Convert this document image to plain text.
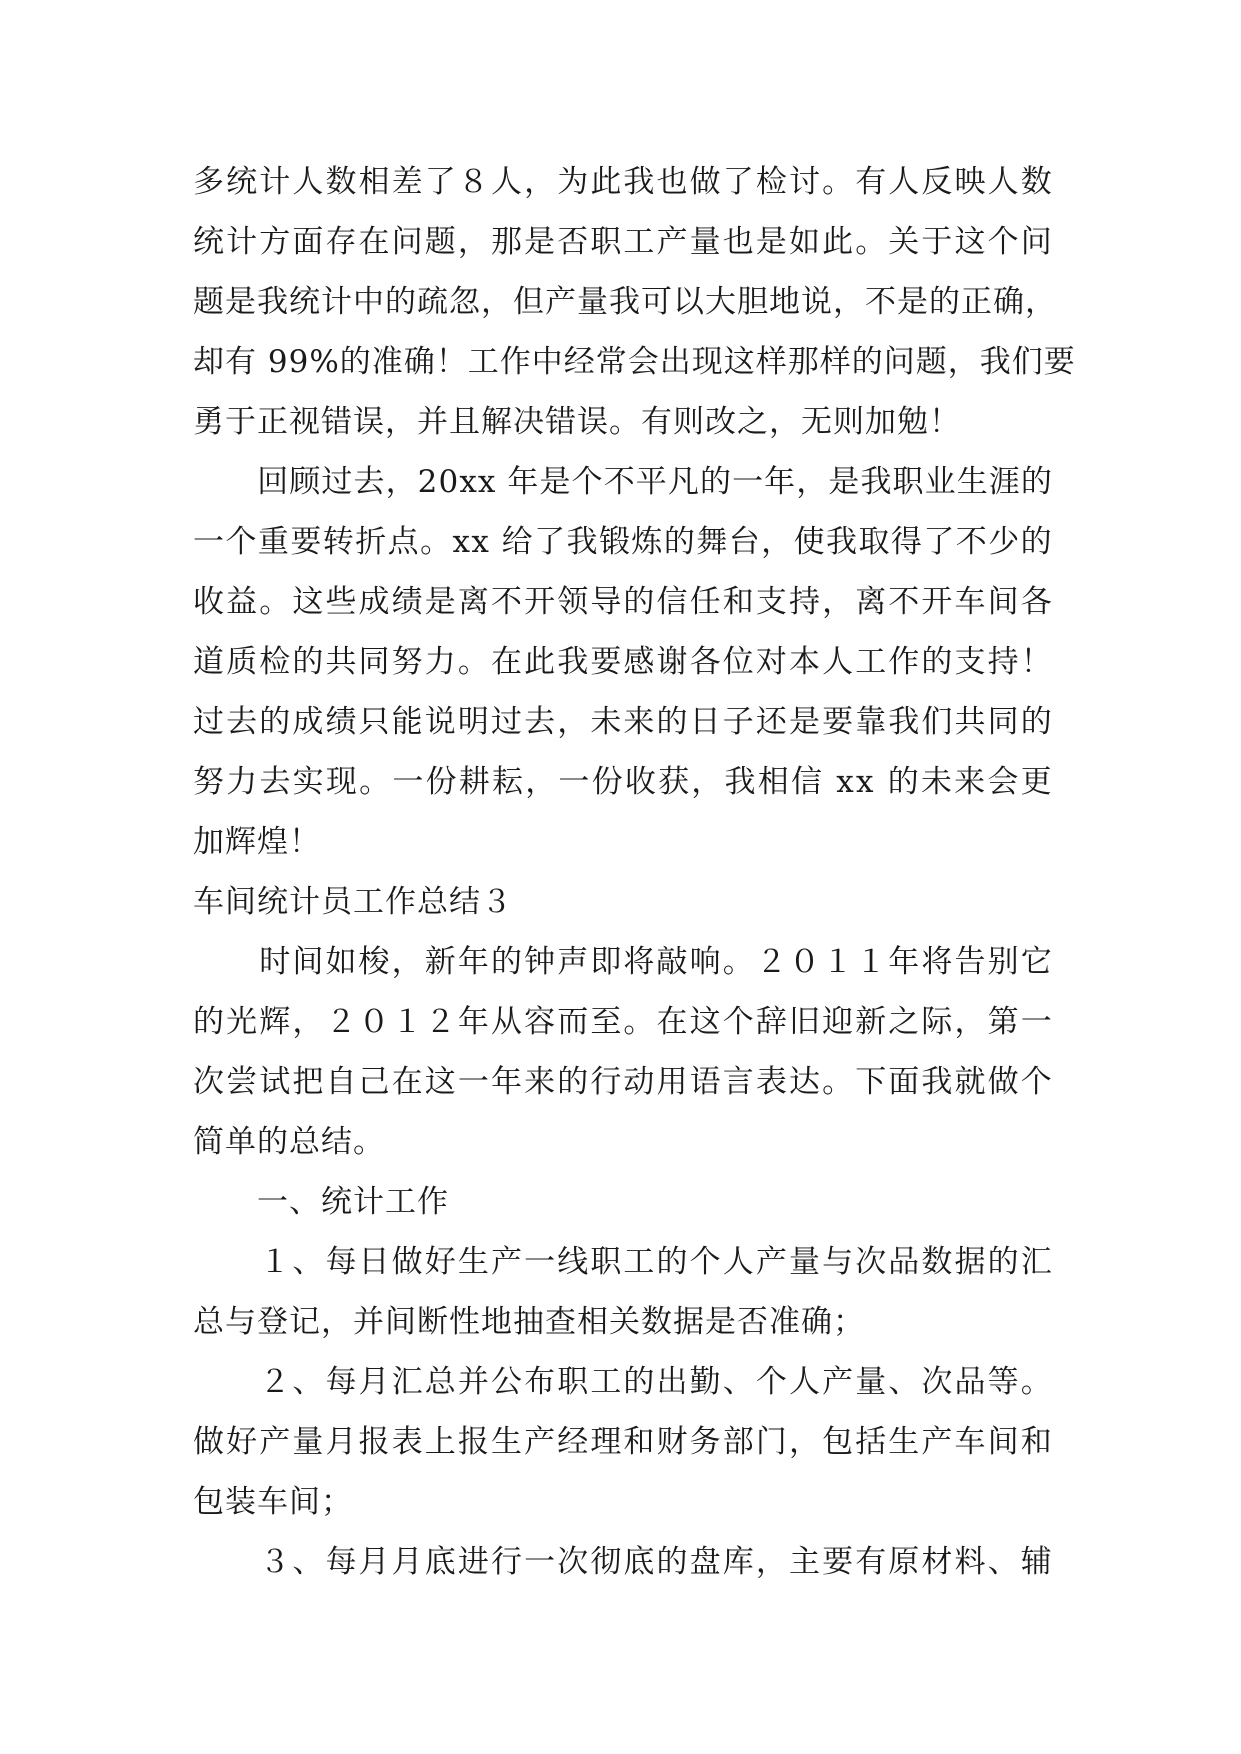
多 统 计 人 数 相 差 了 ８ 人 ， 为 此 我 也 做 了 检 讨 。 有 人 反 映 人 数
统 计 方 面 存 在 问 题 ， 那 是 否 职 工 产 量 也 是 如 此 。 关 于 这 个 问
题 是 我 统 计 中 的 疏 忽 ， 但 产 量 我 可 以 大 胆 地 说 ， 不 是 的 正 确 ，
却 有
9 9 % 的 准 确 ！ 工 作 中 经 常 会 出 现 这 样 那 样 的 问 题 ， 我 们 要
勇于正视错误，并且解决错误。有则改之，无则加勉！

回 顾 过 去 ， 2 0 x x
年 是 个 不 平 凡 的 一 年 ， 是 我 职 业 生 涯 的
一 个 重 要 转 折 点 。 x x
给 了 我 锻 炼 的 舞 台 ， 使 我 取 得 了 不 少 的
收 益 。 这 些 成 绩 是 离 不 开 领 导 的 信 任 和 支 持 ， 离 不 开 车 间 各
道 质 检 的 共 同 努 力 。 在 此 我 要 感 谢 各 位 对 本 人 工 作 的 支 持 ！
过 去 的 成 绩 只 能 说 明 过 去 ， 未 来 的 日 子 还 是 要 靠 我 们 共 同 的
努 力 去 实 现 。 一 份 耕 耘 ， 一 份 收 获 ， 我 相 信
x x
的 未 来 会 更
加辉煌！
车间统计员工作总结３

时 间 如 梭 ， 新 年 的 钟 声 即 将 敲 响 。 ２ ０ １ １ 年 将 告 别 它
的 光 辉 ， ２ ０ １ ２ 年 从 容 而 至 。 在 这 个 辞 旧 迎 新 之 际 ， 第 一
次 尝 试 把 自 己 在 这 一 年 来 的 行 动 用 语 言 表 达 。 下 面 我 就 做 个
简单的总结。
　　一、统计工作

１ 、 每 日 做 好 生 产 一 线 职 工 的 个 人 产 量 与 次 品 数 据 的 汇
总与登记，并间断性地抽查相关数据是否准确；

２ 、 每 月 汇 总 并 公 布 职 工 的 出 勤 、 个 人 产 量 、 次 品 等 。
做 好 产 量 月 报 表 上 报 生 产 经 理 和 财 务 部 门 ， 包 括 生 产 车 间 和
包装车间；

３ 、 每 月 月 底 进 行 一 次 彻 底 的 盘 库 ， 主 要 有 原 材 料 、 辅
